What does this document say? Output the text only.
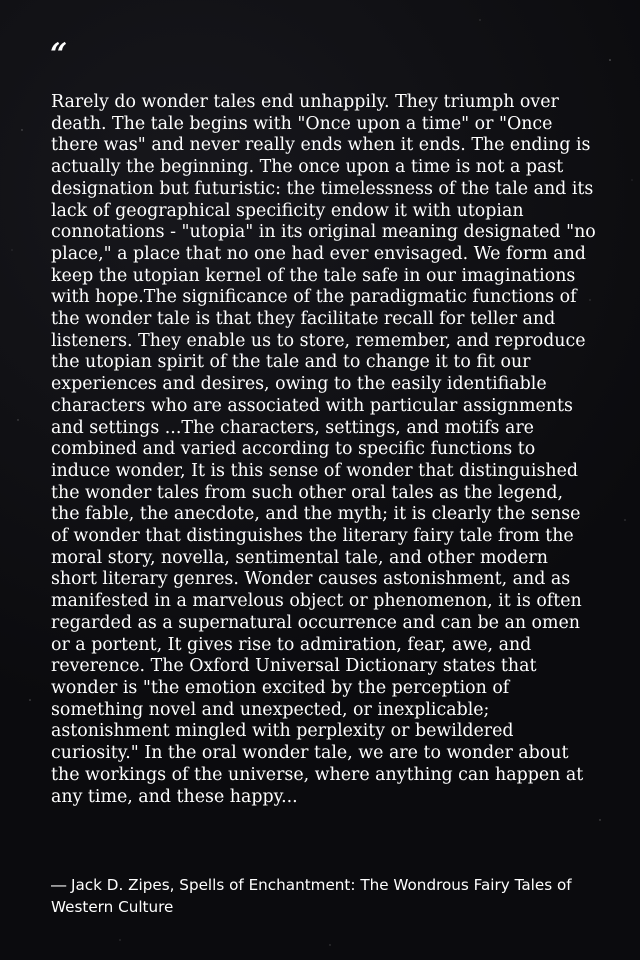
“

Rarely do wonder tales end unhappily. They triumph over death. The tale begins with "Once upon a time" or "Once there was" and never really ends when it ends. The ending is actually the beginning. The once upon a time is not a past designation but futuristic: the timelessness of the tale and its lack of geographical specificity endow it with utopian connotations - "utopia" in its original meaning designated "no place," a place that no one had ever envisaged. We form and keep the utopian kernel of the tale safe in our imaginations with hope.The significance of the paradigmatic functions of the wonder tale is that they facilitate recall for teller and listeners. They enable us to store, remember, and reproduce the utopian spirit of the tale and to change it to fit our experiences and desires, owing to the easily identifiable characters who are associated with particular assignments and settings ...The characters, settings, and motifs are combined and varied according to specific functions to induce wonder, It is this sense of wonder that distinguished the wonder tales from such other oral tales as the legend, the fable, the anecdote, and the myth; it is clearly the sense of wonder that distinguishes the literary fairy tale from the moral story, novella, sentimental tale, and other modern short literary genres. Wonder causes astonishment, and as manifested in a marvelous object or phenomenon, it is often regarded as a supernatural occurrence and can be an omen or a portent, It gives rise to admiration, fear, awe, and reverence. The Oxford Universal Dictionary states that wonder is "the emotion excited by the perception of something novel and unexpected, or inexplicable; astonishment mingled with perplexity or bewildered curiosity." In the oral wonder tale, we are to wonder about the workings of the universe, where anything can happen at any time, and these happy...

― Jack D. Zipes, Spells of Enchantment: The Wondrous Fairy Tales of Western Culture
